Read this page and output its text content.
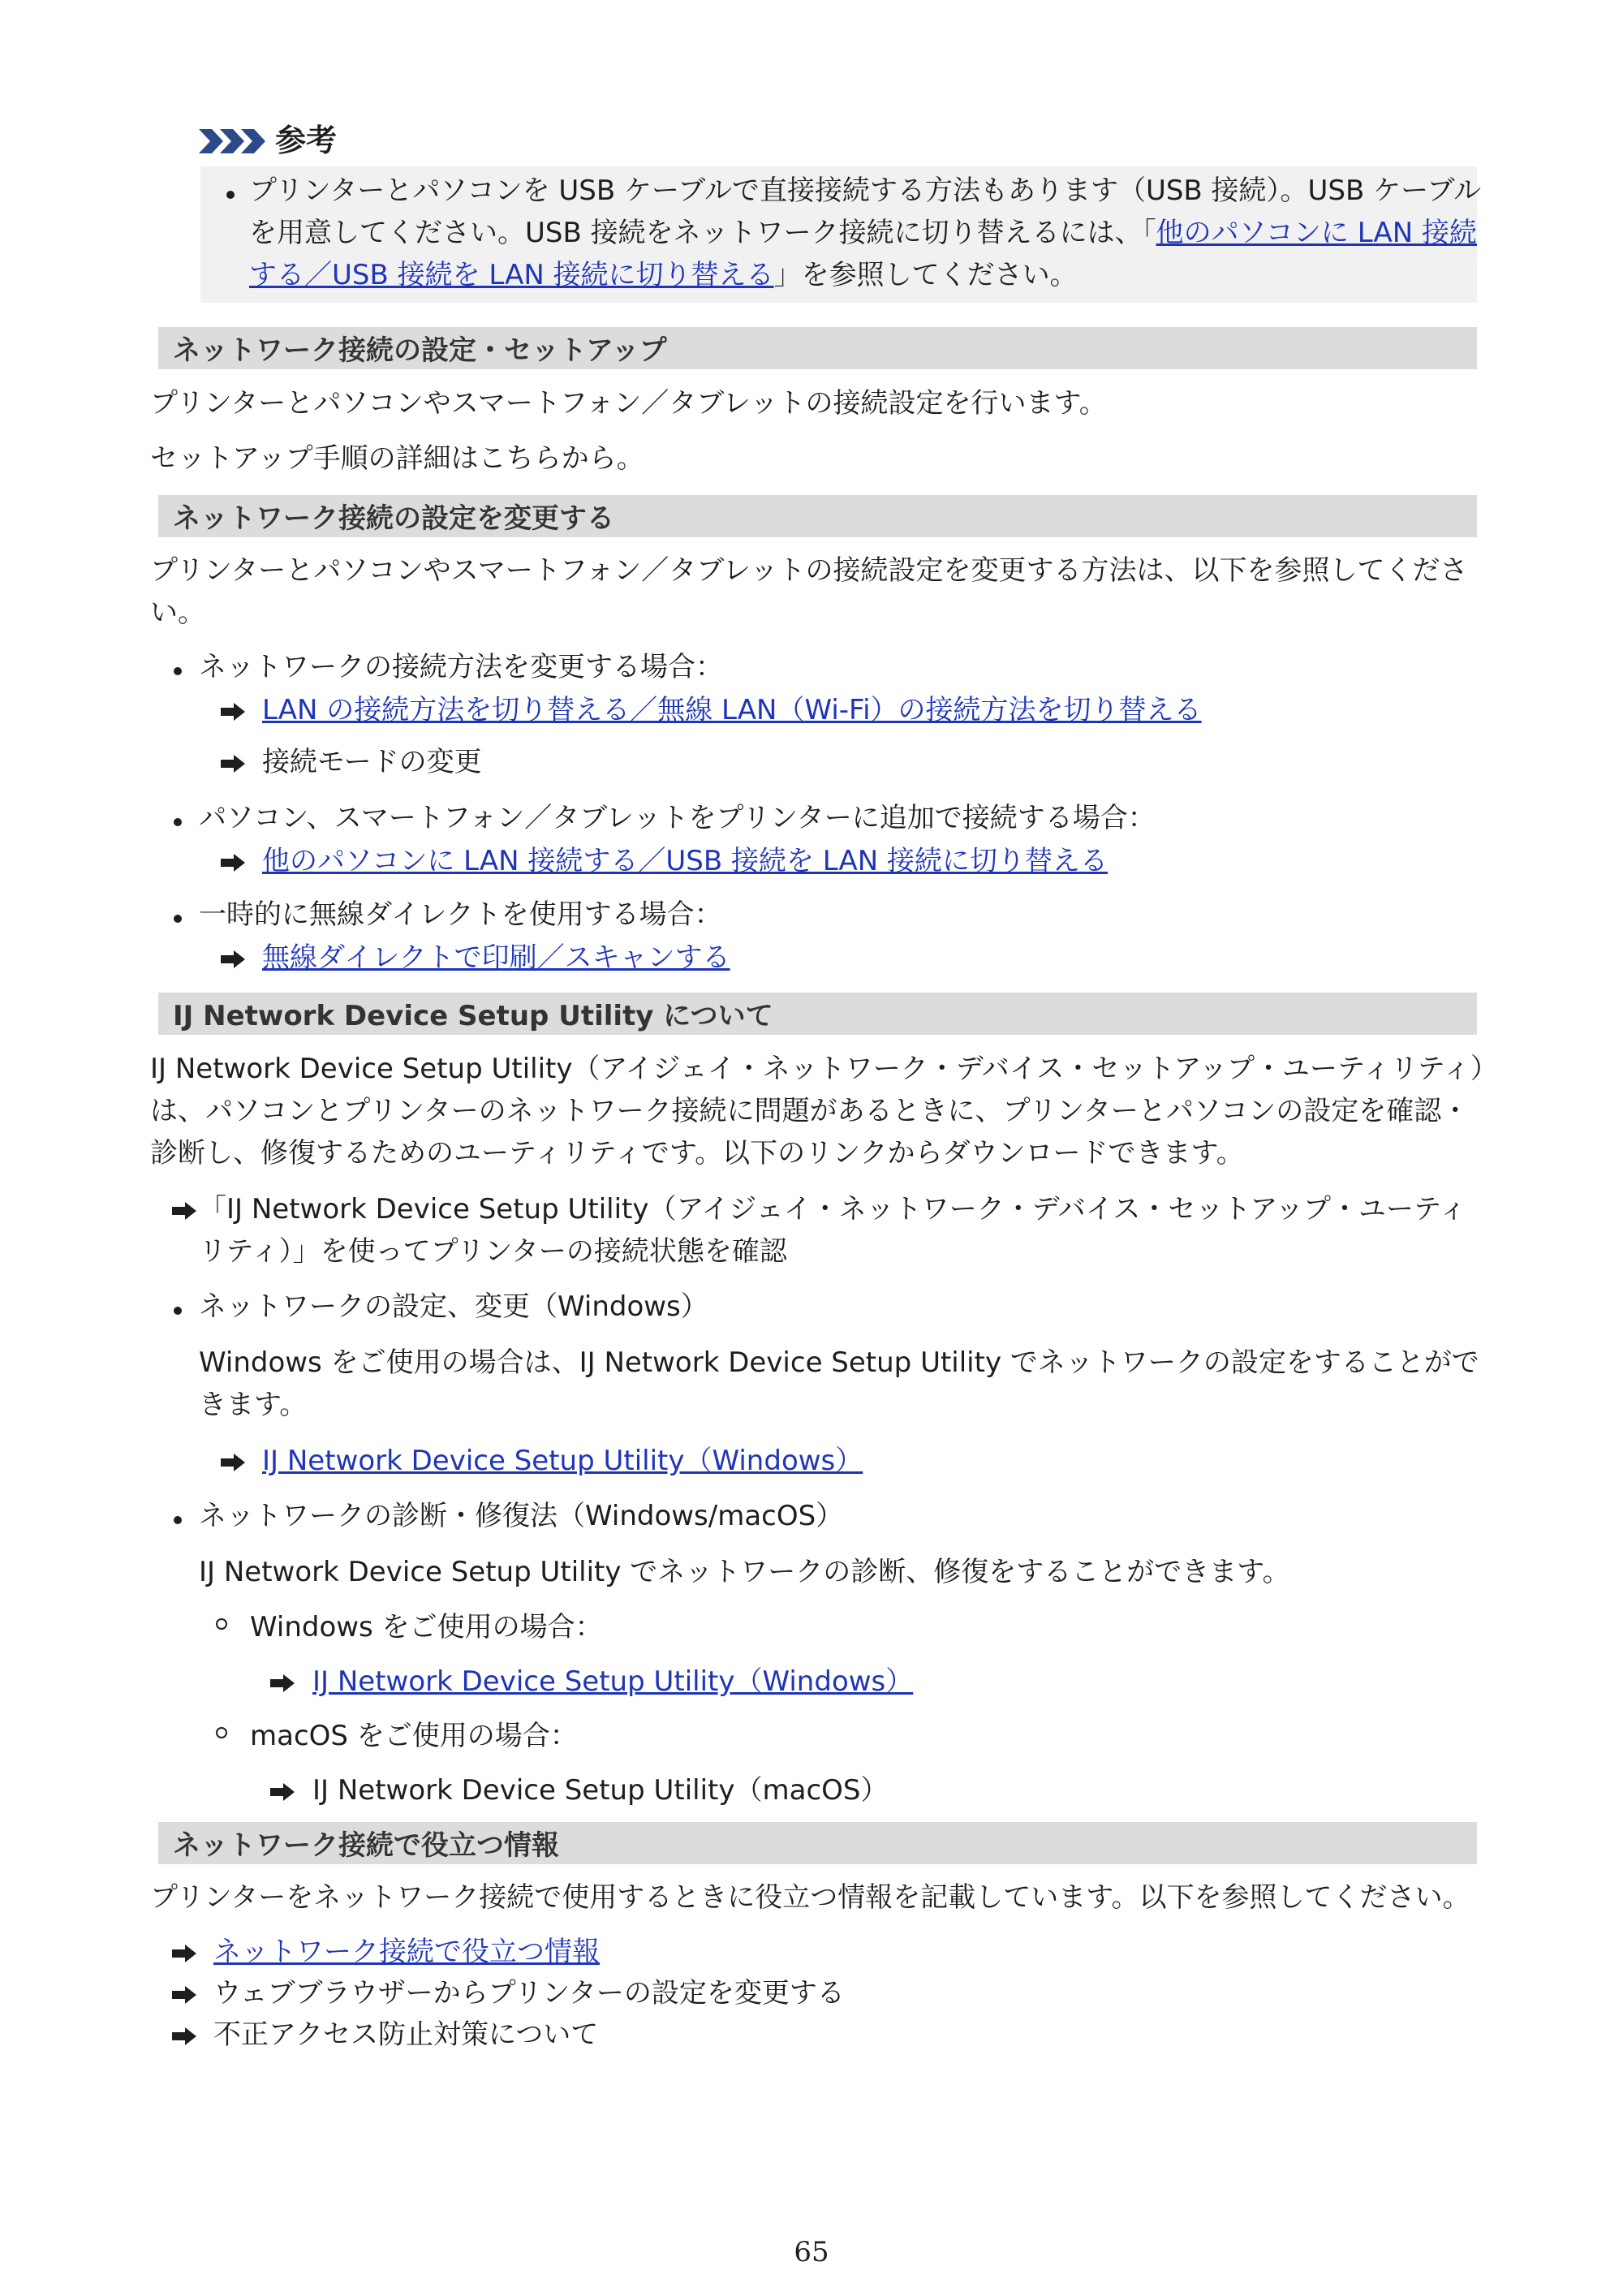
参考
プリンターとパソコンを USB ケーブルで直接接続する方法もあります（USB 接続）。USB ケーブル
を用意してください。USB 接続をネットワーク接続に切り替えるには、「他のパソコンに LAN 接続
する／USB 接続を LAN 接続に切り替える」を参照してください。
ネットワーク接続の設定・セットアップ
プリンターとパソコンやスマートフォン／タブレットの接続設定を行います。
セットアップ手順の詳細はこちらから。
ネットワーク接続の設定を変更する
プリンターとパソコンやスマートフォン／タブレットの接続設定を変更する方法は、以下を参照してくださ
い。
ネットワークの接続方法を変更する場合：
LAN の接続方法を切り替える／無線 LAN（Wi-Fi）の接続方法を切り替える
接続モードの変更
パソコン、スマートフォン／タブレットをプリンターに追加で接続する場合：
他のパソコンに LAN 接続する／USB 接続を LAN 接続に切り替える
一時的に無線ダイレクトを使用する場合：
無線ダイレクトで印刷／スキャンする
IJ Network Device Setup Utility について
IJ Network Device Setup Utility（アイジェイ・ネットワーク・デバイス・セットアップ・ユーティリティ）
は、パソコンとプリンターのネットワーク接続に問題があるときに、プリンターとパソコンの設定を確認・
診断し、修復するためのユーティリティです。以下のリンクからダウンロードできます。
「IJ Network Device Setup Utility（アイジェイ・ネットワーク・デバイス・セットアップ・ユーティ
リティ）」を使ってプリンターの接続状態を確認
ネットワークの設定、変更（Windows）
Windows をご使用の場合は、IJ Network Device Setup Utility でネットワークの設定をすることがで
きます。
IJ Network Device Setup Utility（Windows）
ネットワークの診断・修復法（Windows/macOS）
IJ Network Device Setup Utility でネットワークの診断、修復をすることができます。
Windows をご使用の場合：
IJ Network Device Setup Utility（Windows）
macOS をご使用の場合：
IJ Network Device Setup Utility（macOS）
ネットワーク接続で役立つ情報
プリンターをネットワーク接続で使用するときに役立つ情報を記載しています。以下を参照してください。
ネットワーク接続で役立つ情報
ウェブブラウザーからプリンターの設定を変更する
不正アクセス防止対策について
65
